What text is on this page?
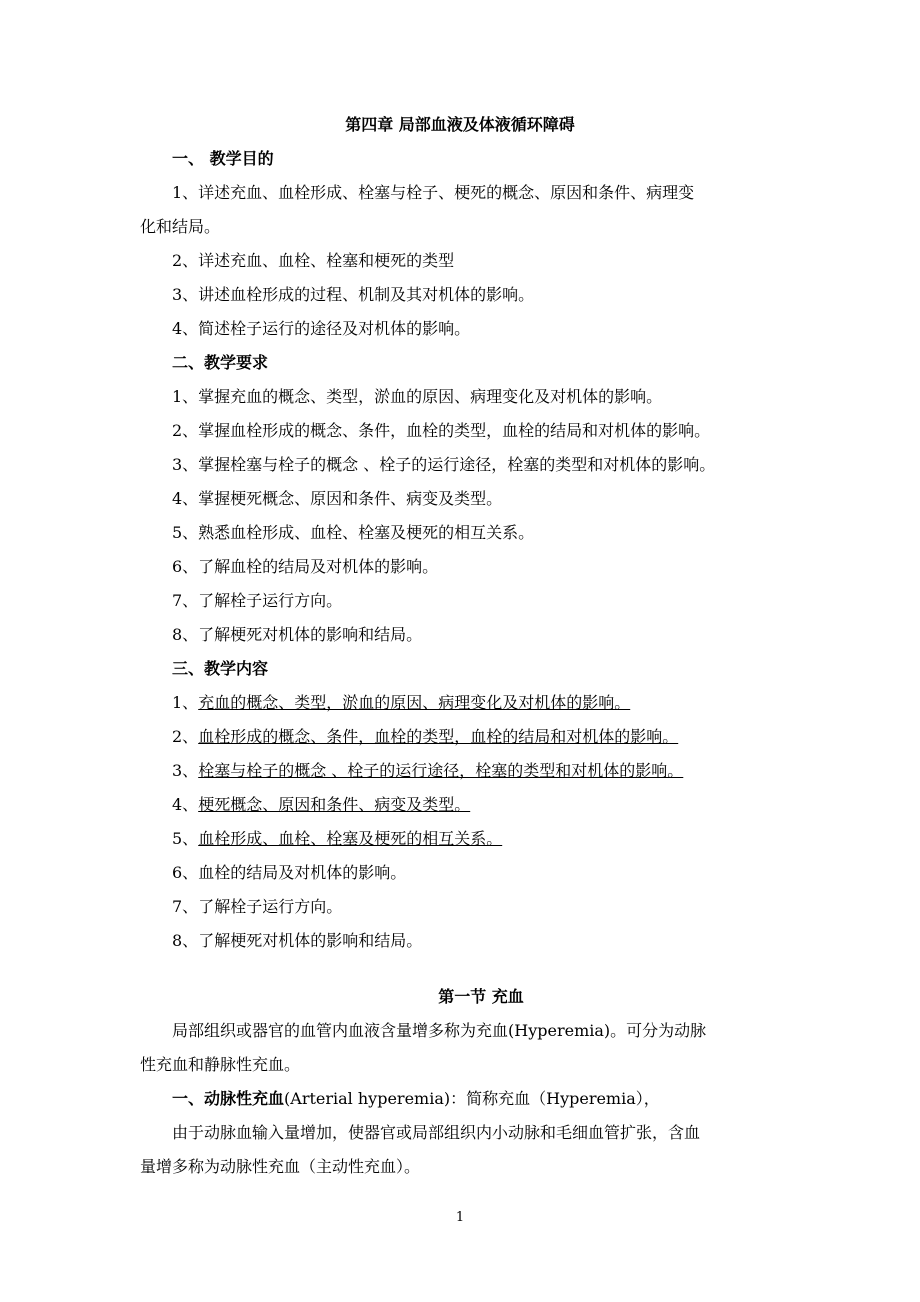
第四章 局部血液及体液循环障碍
一、 教学目的
1、详述充血、血栓形成、栓塞与栓子、梗死的概念、原因和条件、病理变
化和结局。
2、详述充血、血栓、栓塞和梗死的类型
3、讲述血栓形成的过程、机制及其对机体的影响。
4、简述栓子运行的途径及对机体的影响。
二、教学要求
1、掌握充血的概念、类型，淤血的原因、病理变化及对机体的影响。
2、掌握血栓形成的概念、条件，血栓的类型，血栓的结局和对机体的影响。
3、掌握栓塞与栓子的概念 、栓子的运行途径，栓塞的类型和对机体的影响。
4、掌握梗死概念、原因和条件、病变及类型。
5、熟悉血栓形成、血栓、栓塞及梗死的相互关系。
6、了解血栓的结局及对机体的影响。
7、了解栓子运行方向。
8、了解梗死对机体的影响和结局。
三、教学内容
1、充血的概念、类型，淤血的原因、病理变化及对机体的影响。
2、血栓形成的概念、条件，血栓的类型，血栓的结局和对机体的影响。
3、栓塞与栓子的概念 、栓子的运行途径，栓塞的类型和对机体的影响。
4、梗死概念、原因和条件、病变及类型。
5、血栓形成、血栓、栓塞及梗死的相互关系。
6、血栓的结局及对机体的影响。
7、了解栓子运行方向。
8、了解梗死对机体的影响和结局。
第一节 充血
局部组织或器官的血管内血液含量增多称为充血(Hyperemia)。可分为动脉
性充血和静脉性充血。
一、动脉性充血(Arterial hyperemia)：简称充血（Hyperemia），
由于动脉血输入量增加，使器官或局部组织内小动脉和毛细血管扩张，含血
量增多称为动脉性充血（主动性充血）。
1
